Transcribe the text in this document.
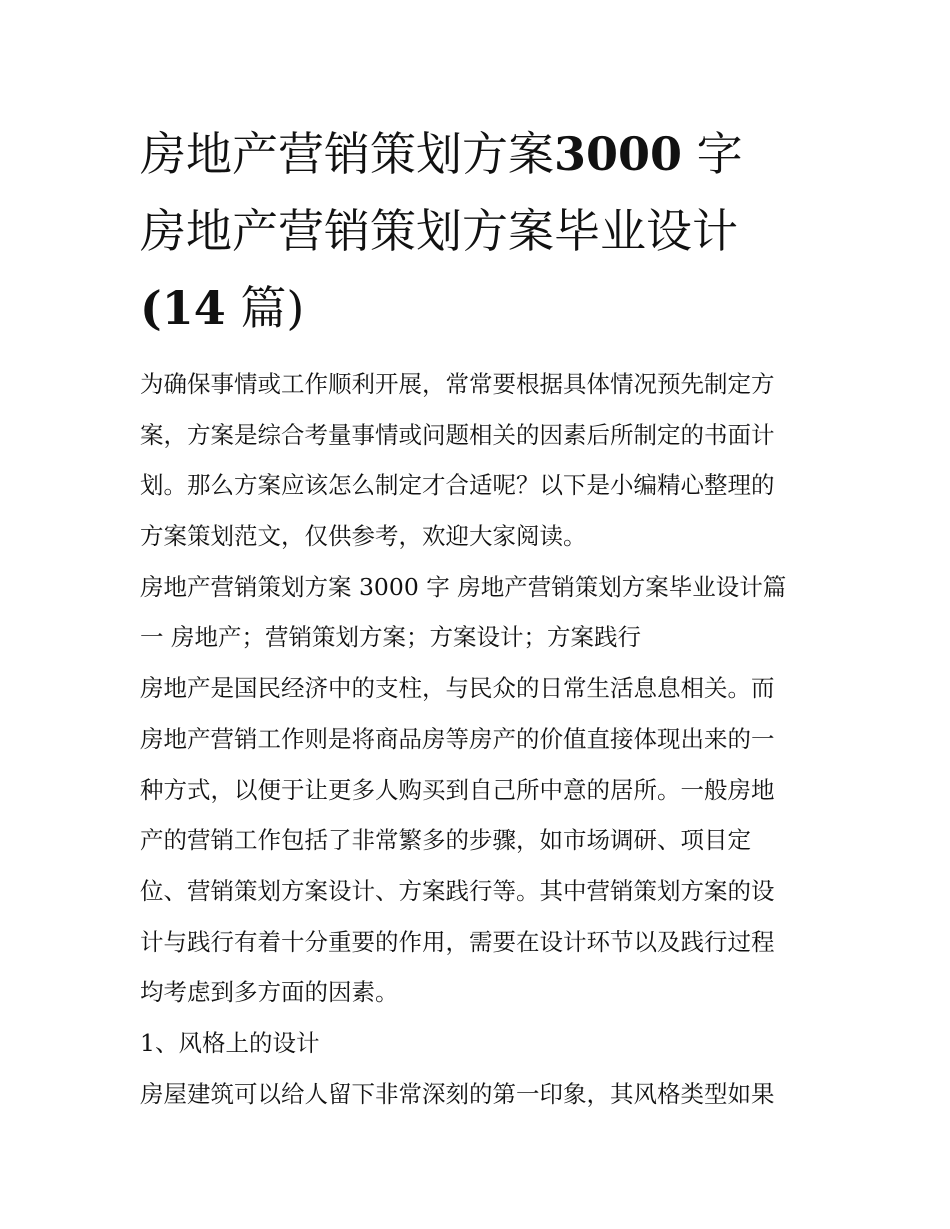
房地产营销策划方案3000 字
房地产营销策划方案毕业设计
(14 篇)

为确保事情或工作顺利开展，常常要根据具体情况预先制定方
案，方案是综合考量事情或问题相关的因素后所制定的书面计
划。那么方案应该怎么制定才合适呢？以下是小编精心整理的
方案策划范文，仅供参考，欢迎大家阅读。

房地产营销策划方案 3000 字 房地产营销策划方案毕业设计篇
一 房地产；营销策划方案；方案设计；方案践行

房地产是国民经济中的支柱，与民众的日常生活息息相关。而
房地产营销工作则是将商品房等房产的价值直接体现出来的一
种方式，以便于让更多人购买到自己所中意的居所。一般房地
产的营销工作包括了非常繁多的步骤，如市场调研、项目定
位、营销策划方案设计、方案践行等。其中营销策划方案的设
计与践行有着十分重要的作用，需要在设计环节以及践行过程
均考虑到多方面的因素。

1、风格上的设计

房屋建筑可以给人留下非常深刻的第一印象，其风格类型如果
